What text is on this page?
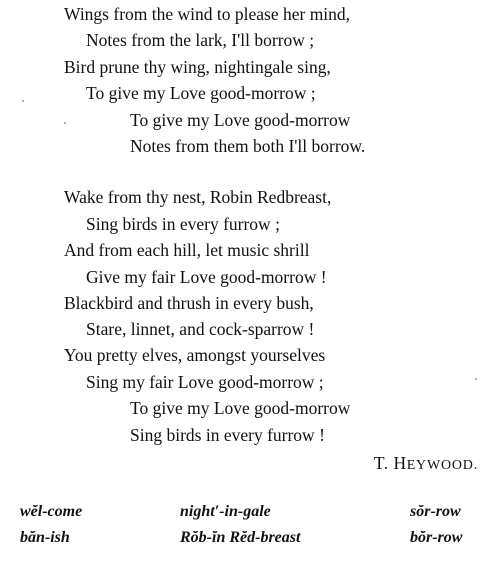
Wings from the wind to please her mind,
Notes from the lark, I'll borrow ;
Bird prune thy wing, nightingale sing,
To give my Love good-morrow ;
To give my Love good-morrow
Notes from them both I'll borrow.
Wake from thy nest, Robin Redbreast,
Sing birds in every furrow ;
And from each hill, let music shrill
Give my fair Love good-morrow !
Blackbird and thrush in every bush,
Stare, linnet, and cock-sparrow !
You pretty elves, amongst yourselves
Sing my fair Love good-morrow ;
To give my Love good-morrow
Sing birds in every furrow !
T. HEYWOOD.
wĕl-come	night′-in-gale	sŏr-row
băn-ish	Rŏb-ĭn Rĕd-breast	bŏr-row
